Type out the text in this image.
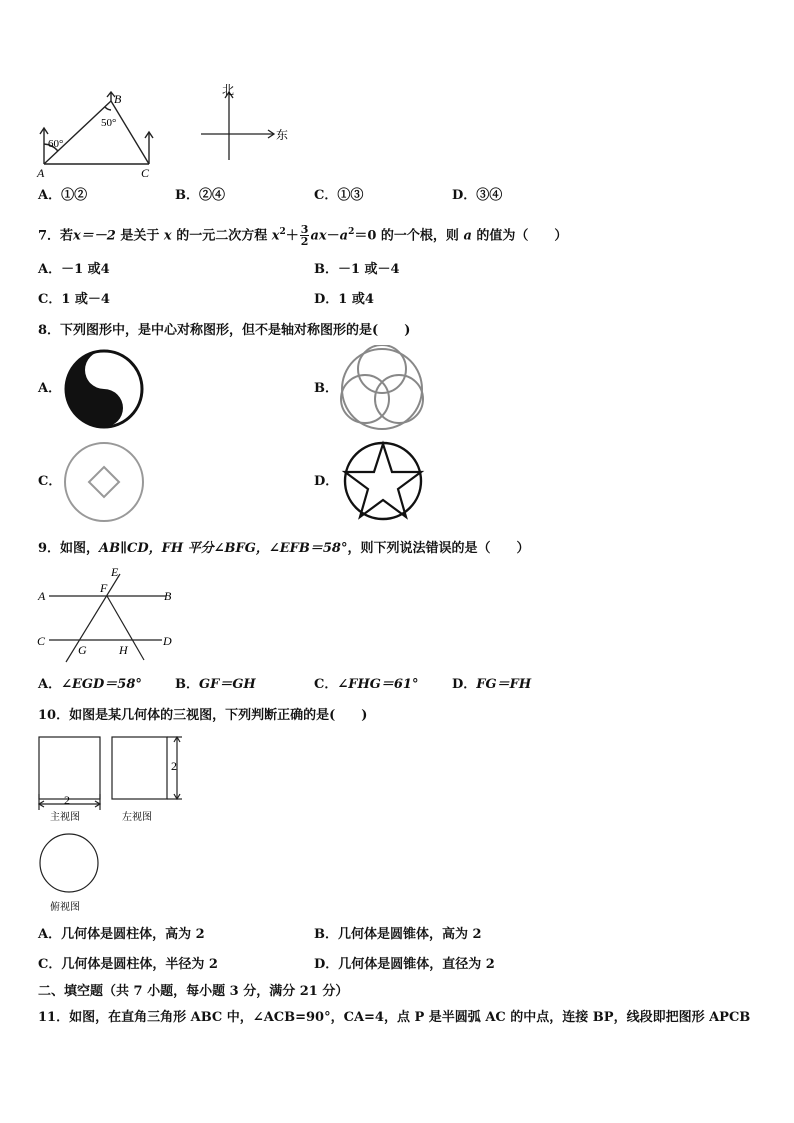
B
A	C
60°
50°
北
东
A．①②	B．②④	C．①③	D．③④
7．若x＝－2 是关于 x 的一元二次方程 $x^2+ \frac{3}{2} ax-a^2=0$ 的一个根，则 a 的值为（　　）
A．－1 或4	B．－1 或－4
C．1 或－4	D．1 或4
8．下列图形中，是中心对称图形，但不是轴对称图形的是(　　)
A．	B．
C．	D．
9．如图，AB∥CD，FH 平分∠BFG，∠EFB＝58°，则下列说法错误的是（　　）
E
F
A	B
C	D
G	H
A．∠EGD＝58°	B．GF＝GH	C．∠FHG＝61°	D．FG＝FH
10．如图是某几何体的三视图，下列判断正确的是(　　)
2
2
主视图	左视图
俯视图
A．几何体是圆柱体，高为 2	B．几何体是圆锥体，高为 2
C．几何体是圆柱体，半径为 2	D．几何体是圆锥体，直径为 2
二、填空题（共 7 小题，每小题 3 分，满分 21 分）
11．如图，在直角三角形 ABC 中，∠ACB=90°，CA=4，点 P 是半圆弧 AC 的中点，连接 BP，线段即把图形 APCB
